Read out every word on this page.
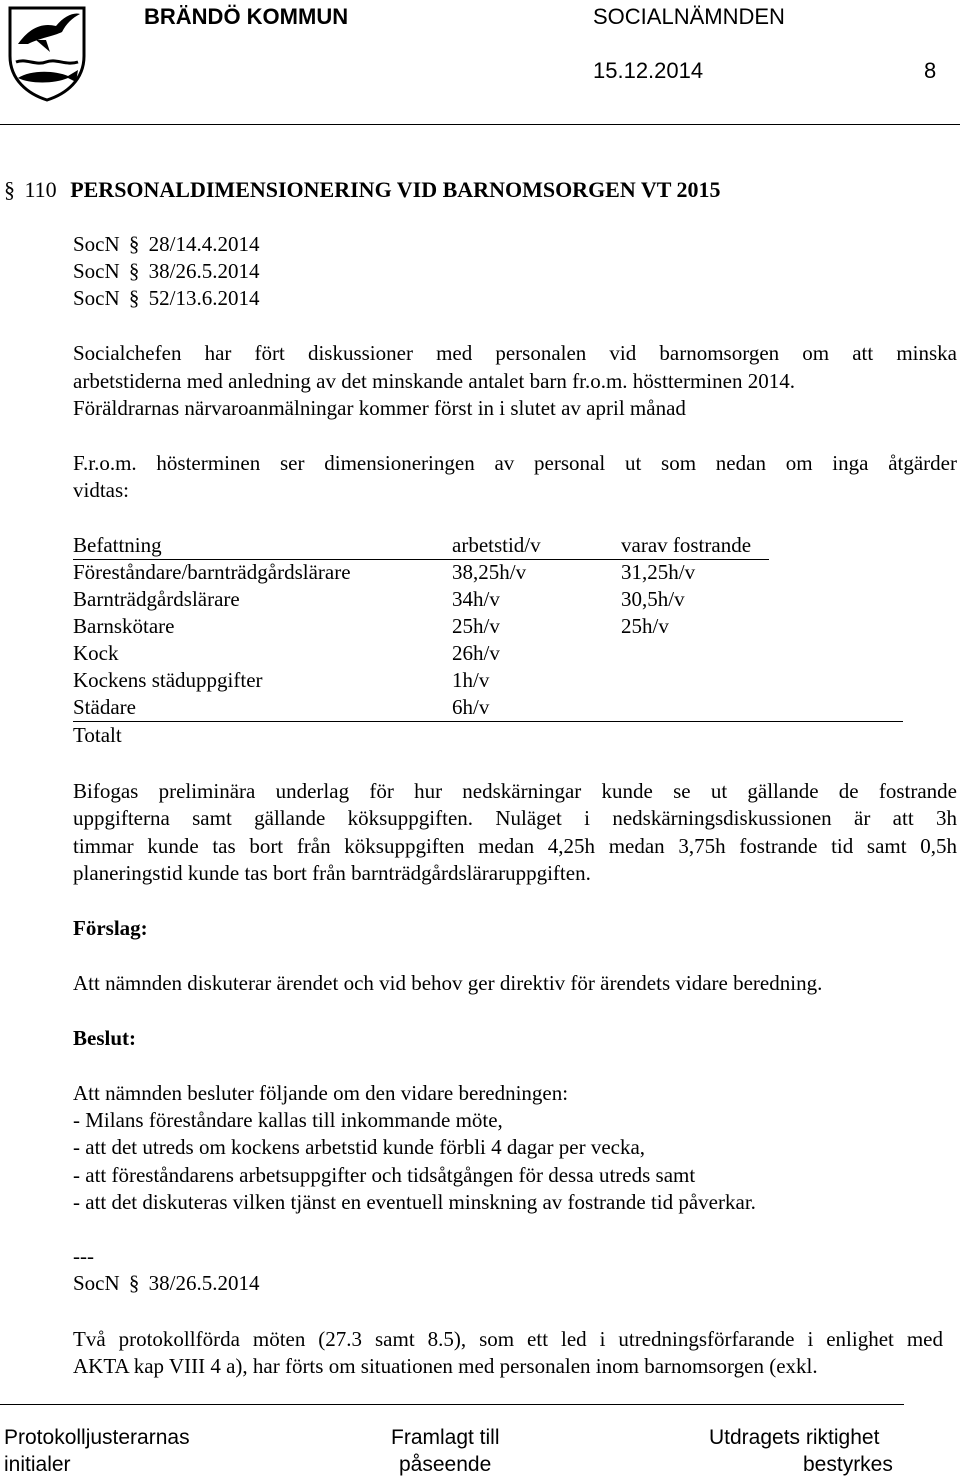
BRÄNDÖ KOMMUN	SOCIALNÄMNDEN
15.12.2014	8
§ 110 PERSONALDIMENSIONERING VID BARNOMSORGEN VT 2015
SocN § 28/14.4.2014
SocN § 38/26.5.2014
SocN § 52/13.6.2014
Socialchefen har fört diskussioner med personalen vid barnomsorgen om att minska
arbetstiderna med anledning av det minskande antalet barn fr.o.m. höstterminen 2014.
Föräldrarnas närvaroanmälningar kommer först in i slutet av april månad
F.r.o.m. hösterminen ser dimensioneringen av personal ut som nedan om inga åtgärder
vidtas:
Befattning	arbetstid/v	varav fostrande
Föreståndare/barnträdgårdslärare	38,25h/v	31,25h/v
Barnträdgårdslärare	34h/v	30,5h/v
Barnskötare	25h/v	25h/v
Kock	26h/v
Kockens städuppgifter	1h/v
Städare	6h/v
Totalt
Bifogas preliminära underlag för hur nedskärningar kunde se ut gällande de fostrande
uppgifterna samt gällande köksuppgiften. Nuläget i nedskärningsdiskussionen är att 3h
timmar kunde tas bort från köksuppgiften medan 4,25h medan 3,75h fostrande tid samt 0,5h
planeringstid kunde tas bort från barnträdgårdsläraruppgiften.
Förslag:
Att nämnden diskuterar ärendet och vid behov ger direktiv för ärendets vidare beredning.
Beslut:
Att nämnden besluter följande om den vidare beredningen:
- Milans föreståndare kallas till inkommande möte,
- att det utreds om kockens arbetstid kunde förbli 4 dagar per vecka,
- att föreståndarens arbetsuppgifter och tidsåtgången för dessa utreds samt
- att det diskuteras vilken tjänst en eventuell minskning av fostrande tid påverkar.
---
SocN § 38/26.5.2014
Två protokollförda möten (27.3 samt 8.5), som ett led i utredningsförfarande i enlighet med
AKTA kap VIII 4 a), har förts om situationen med personalen inom barnomsorgen (exkl.
Protokolljusterarnas
initialer
Framlagt till
påseende
Utdragets riktighet
bestyrkes
